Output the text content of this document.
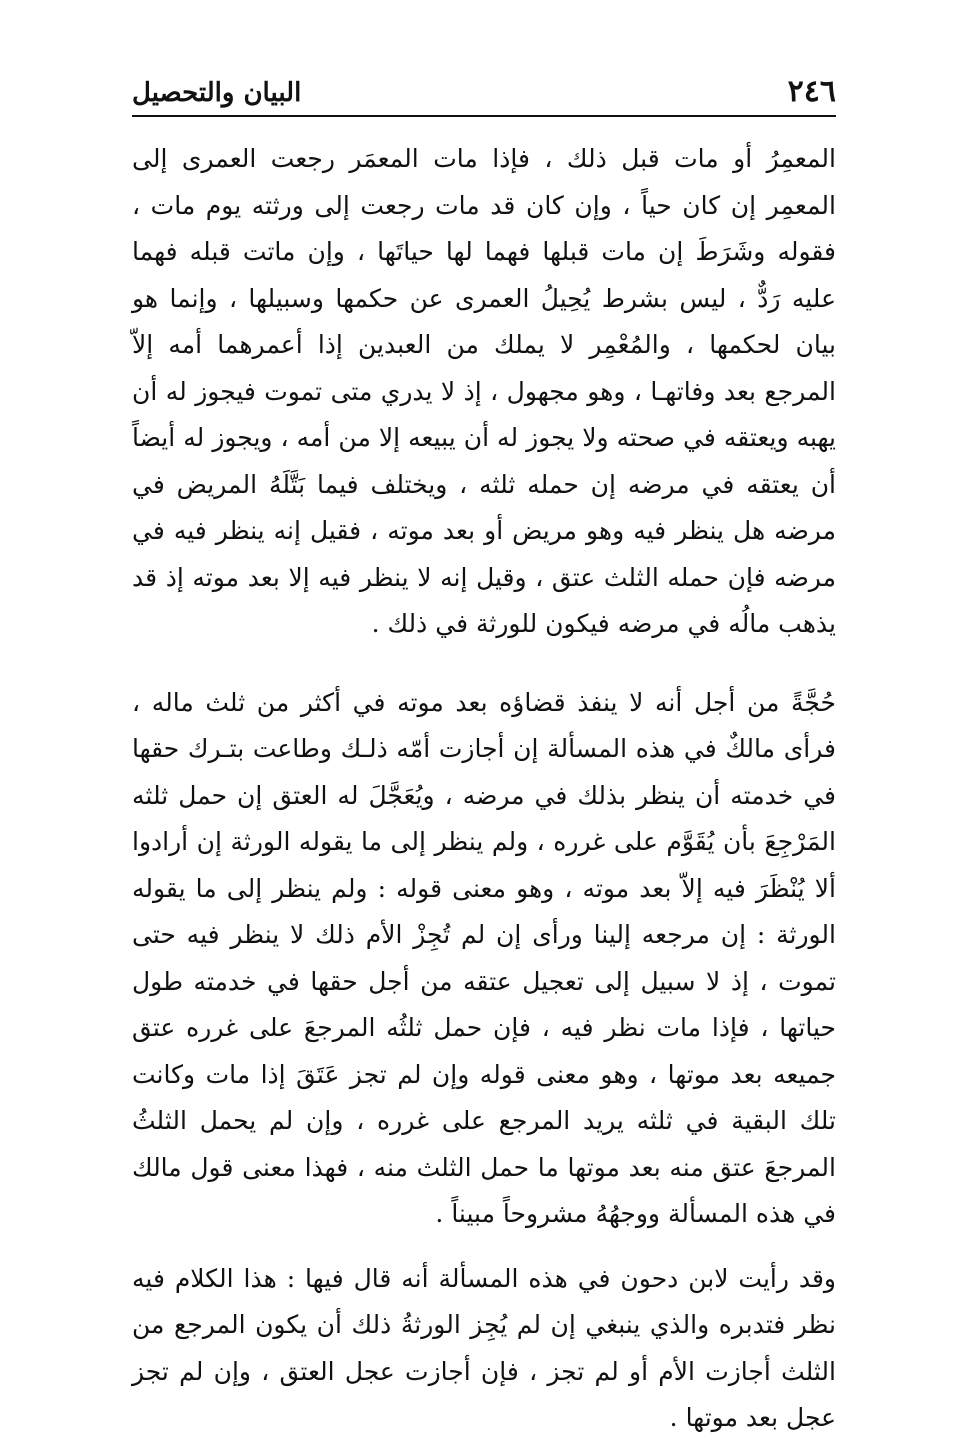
٢٤٦
البيان والتحصيل

المعمِرُ أو مات قبل ذلك ، فإذا مات المعمَر رجعت العمرى إلى المعمِر إن كان حياً ، وإن كان قد مات رجعت إلى ورثته يوم مات ، فقوله وشَرَطَ إن مات قبلها فهما لها حياتَها ، وإن ماتت قبله فهما عليه رَدٌّ ، ليس بشرط يُحِيلُ العمرى عن حكمها وسبيلها ، وإنما هو بيان لحكمها ، والمُعْمِر لا يملك من العبدين إذا أعمرهما أمه إلاّ المرجع بعد وفاتهـا ، وهو مجهول ، إذ لا يدري متى تموت فيجوز له أن يهبه ويعتقه في صحته ولا يجوز له أن يبيعه إلا من أمه ، ويجوز له أيضاً أن يعتقه في مرضه إن حمله ثلثه ، ويختلف فيما بَتَّلَهُ المريض في مرضه هل ينظر فيه وهو مريض أو بعد موته ، فقيل إنه ينظر فيه في مرضه فإن حمله الثلث عتق ، وقيل إنه لا ينظر فيه إلا بعد موته إذ قد يذهب مالُه في مرضه فيكون للورثة في ذلك .

حُجَّةً من أجل أنه لا ينفذ قضاؤه بعد موته في أكثر من ثلث ماله ، فرأى مالكٌ في هذه المسألة إن أجازت أمّه ذلـك وطاعت بتـرك حقها في خدمته أن ينظر بذلك في مرضه ، ويُعَجَّلَ له العتق إن حمل ثلثه المَرْجِعَ بأن يُقَوَّم على غرره ، ولم ينظر إلى ما يقوله الورثة إن أرادوا ألا يُنْظَرَ فيه إلاّ بعد موته ، وهو معنى قوله : ولم ينظر إلى ما يقوله الورثة : إن مرجعه إلينا ورأى إن لم تُجِزْ الأم ذلك لا ينظر فيه حتى تموت ، إذ لا سبيل إلى تعجيل عتقه من أجل حقها في خدمته طول حياتها ، فإذا مات نظر فيه ، فإن حمل ثلثُه المرجعَ على غرره عتق جميعه بعد موتها ، وهو معنى قوله وإن لم تجز عَتَقَ إذا مات وكانت تلك البقية في ثلثه يريد المرجع على غرره ، وإن لم يحمل الثلثُ المرجعَ عتق منه بعد موتها ما حمل الثلث منه ، فهذا معنى قول مالك في هذه المسألة ووجهُهُ مشروحاً مبيناً .

وقد رأيت لابن دحون في هذه المسألة أنه قال فيها : هذا الكلام فيه نظر فتدبره والذي ينبغي إن لم يُجِز الورثةُ ذلك أن يكون المرجع من الثلث أجازت الأم أو لم تجز ، فإن أجازت عجل العتق ، وإن لم تجز عجل بعد موتها .
